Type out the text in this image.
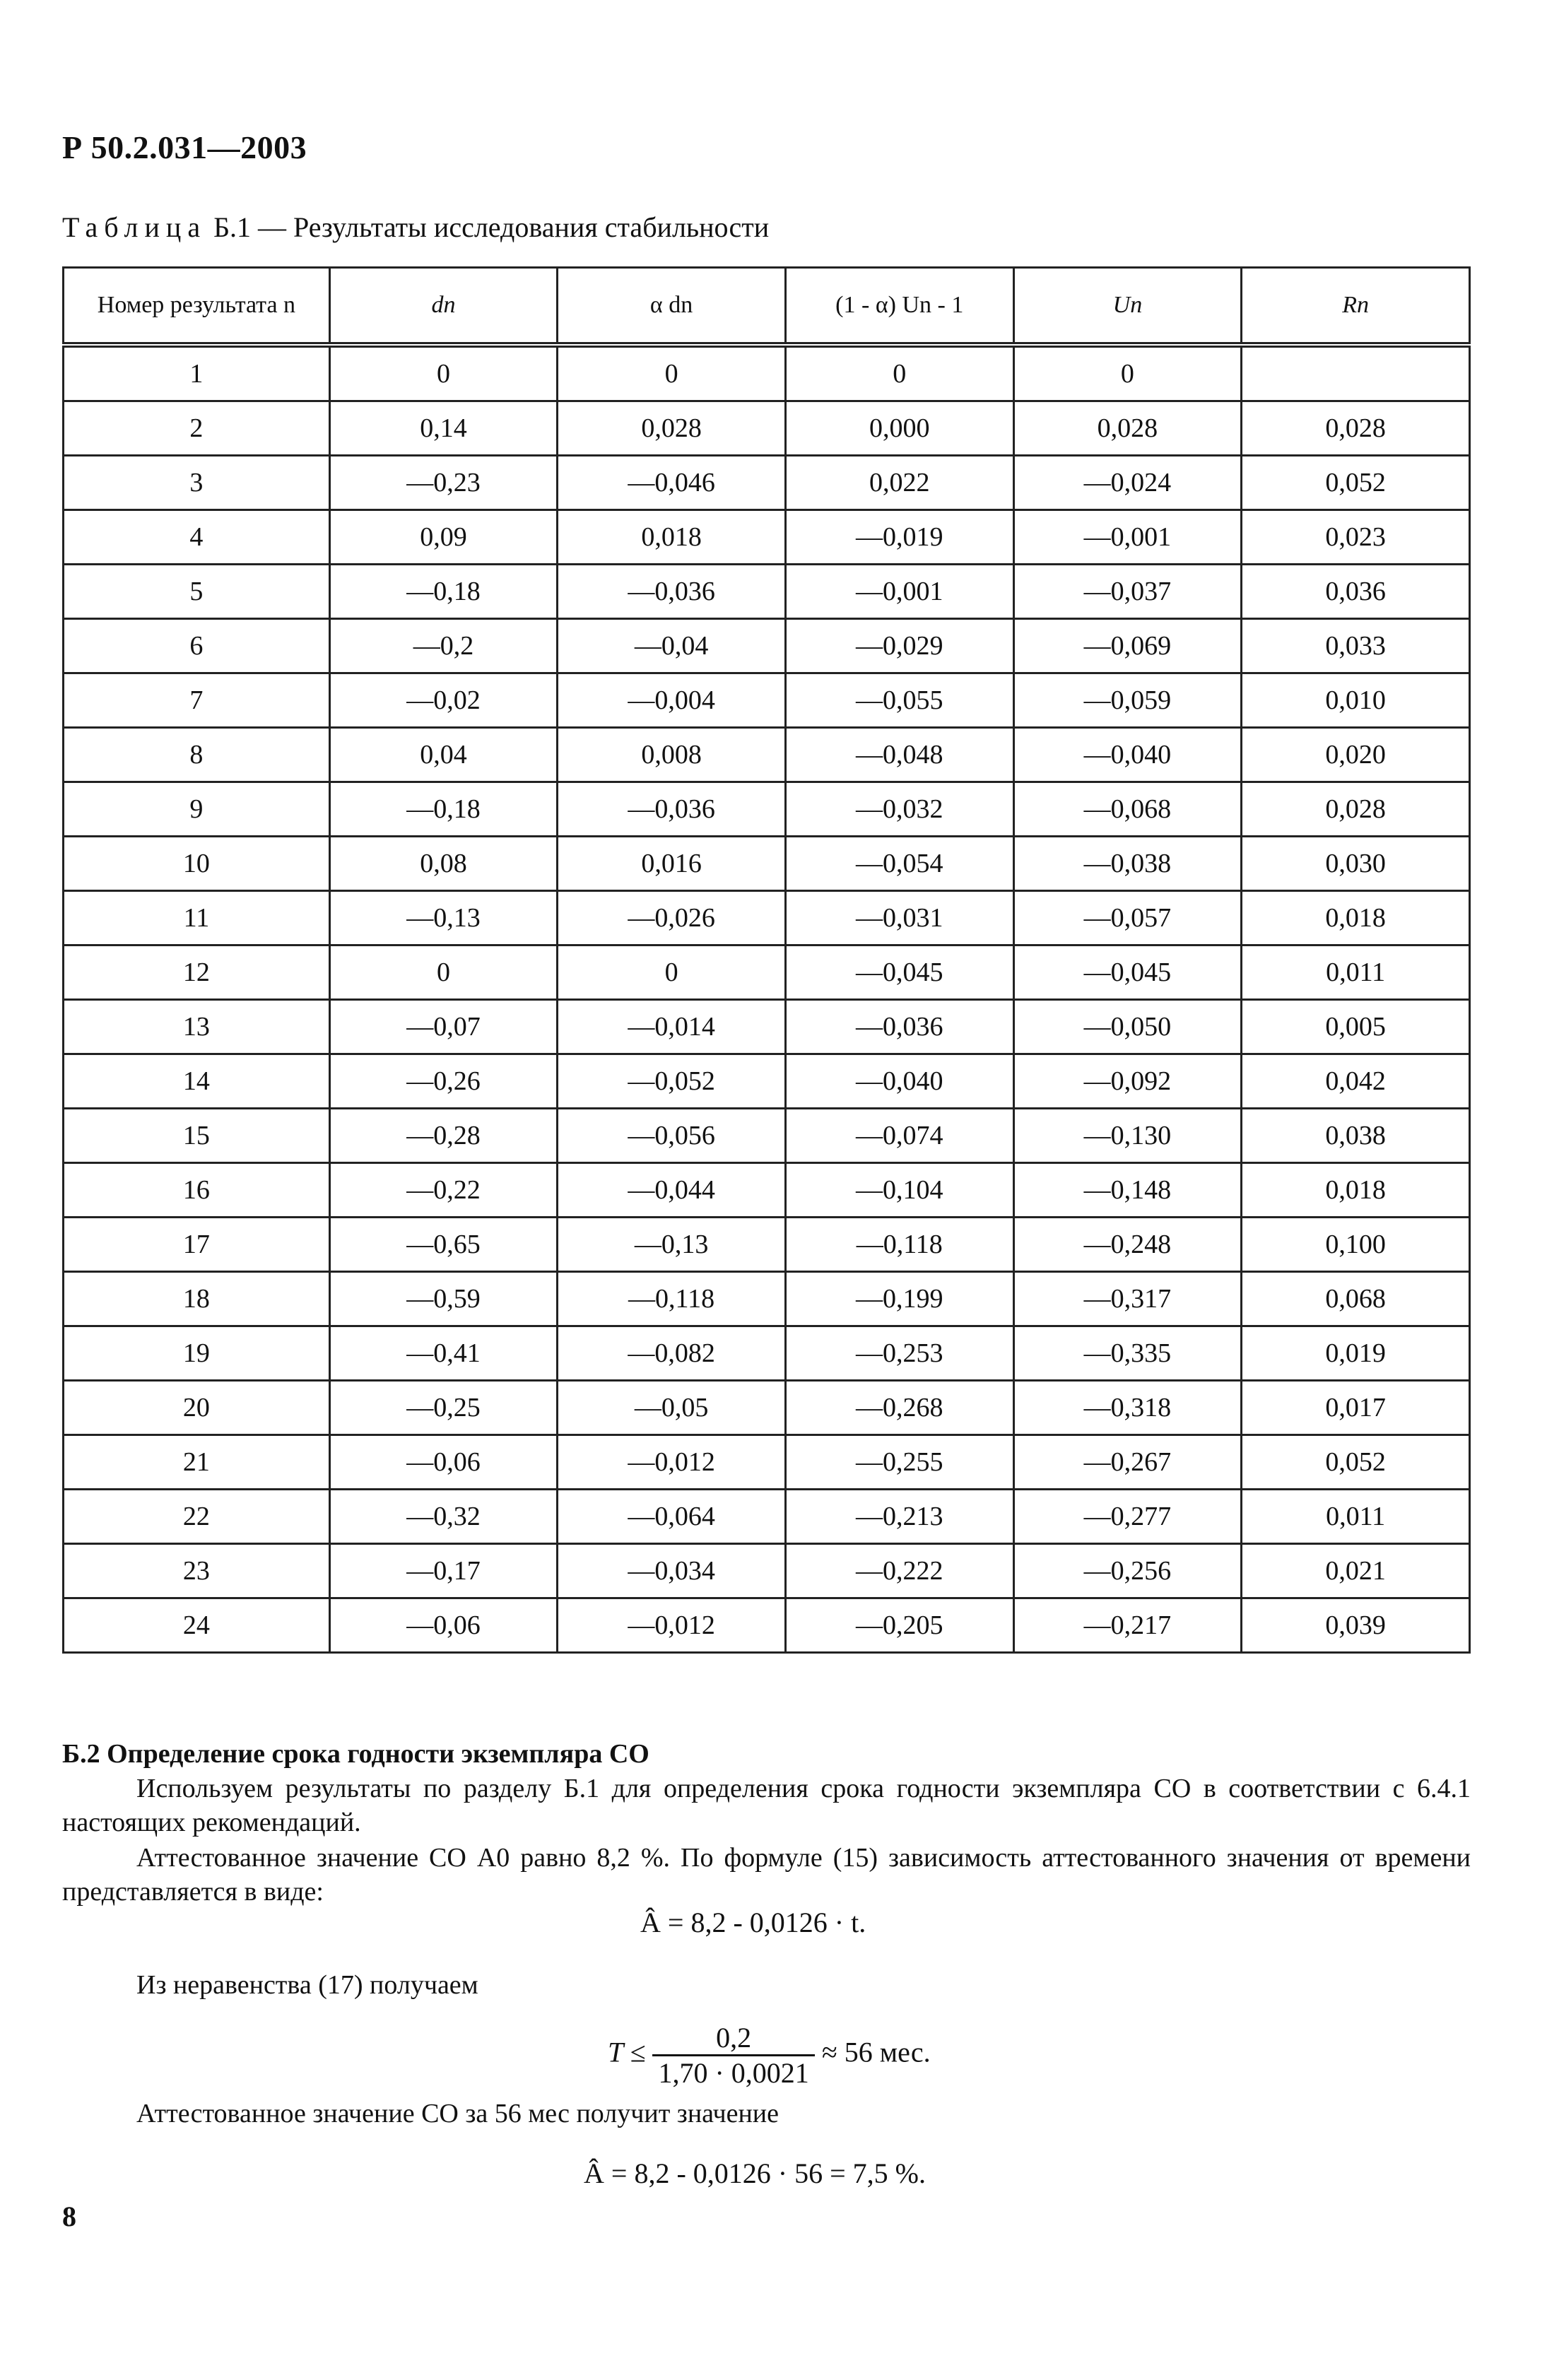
Р 50.2.031—2003
Таблица Б.1 — Результаты исследования стабильности
Номер результата n	dn	α dn	(1 - α) Un - 1	Un	Rn
1	0	0	0	0	
2	0,14	0,028	0,000	0,028	0,028
3	—0,23	—0,046	0,022	—0,024	0,052
4	0,09	0,018	—0,019	—0,001	0,023
5	—0,18	—0,036	—0,001	—0,037	0,036
6	—0,2	—0,04	—0,029	—0,069	0,033
7	—0,02	—0,004	—0,055	—0,059	0,010
8	0,04	0,008	—0,048	—0,040	0,020
9	—0,18	—0,036	—0,032	—0,068	0,028
10	0,08	0,016	—0,054	—0,038	0,030
11	—0,13	—0,026	—0,031	—0,057	0,018
12	0	0	—0,045	—0,045	0,011
13	—0,07	—0,014	—0,036	—0,050	0,005
14	—0,26	—0,052	—0,040	—0,092	0,042
15	—0,28	—0,056	—0,074	—0,130	0,038
16	—0,22	—0,044	—0,104	—0,148	0,018
17	—0,65	—0,13	—0,118	—0,248	0,100
18	—0,59	—0,118	—0,199	—0,317	0,068
19	—0,41	—0,082	—0,253	—0,335	0,019
20	—0,25	—0,05	—0,268	—0,318	0,017
21	—0,06	—0,012	—0,255	—0,267	0,052
22	—0,32	—0,064	—0,213	—0,277	0,011
23	—0,17	—0,034	—0,222	—0,256	0,021
24	—0,06	—0,012	—0,205	—0,217	0,039
Б.2 Определение срока годности экземпляра СО
Используем результаты по разделу Б.1 для определения срока годности экземпляра СО в соответствии с 6.4.1 настоящих рекомендаций.
Аттестованное значение СО A0 равно 8,2 %. По формуле (15) зависимость аттестованного значения от времени представляется в виде:
Â = 8,2 - 0,0126 · t.
Из неравенства (17) получаем
$T \le \frac{0,2}{1,70 \cdot 0,0021} \approx 56$ мес.
Аттестованное значение СО за 56 мес получит значение
Â = 8,2 - 0,0126 · 56 = 7,5 %.
8
